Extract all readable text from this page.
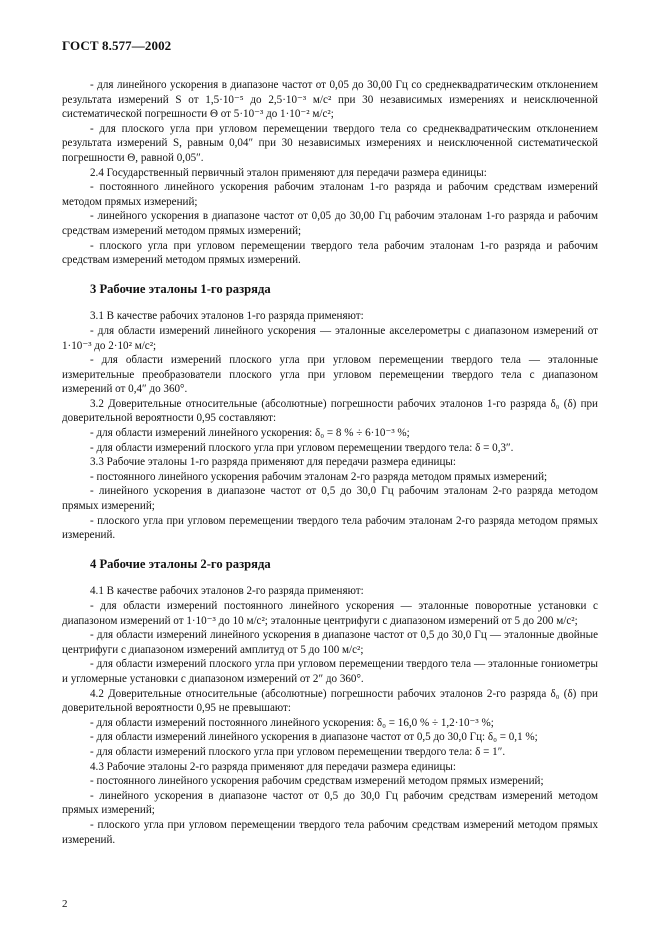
ГОСТ 8.577—2002

- для линейного ускорения в диапазоне частот от 0,05 до 30,00 Гц со среднеквадратическим отклонением результата измерений S от 1,5·10⁻⁵ до 2,5·10⁻³ м/с² при 30 независимых измерениях и неисключенной систематической погрешности Θ от 5·10⁻³ до 1·10⁻² м/с²;

- для плоского угла при угловом перемещении твердого тела со среднеквадратическим отклонением результата измерений S, равным 0,04″ при 30 независимых измерениях и неисключенной систематической погрешности Θ, равной 0,05″.

2.4 Государственный первичный эталон применяют для передачи размера единицы:

- постоянного линейного ускорения рабочим эталонам 1-го разряда и рабочим средствам измерений методом прямых измерений;

- линейного ускорения в диапазоне частот от 0,05 до 30,00 Гц рабочим эталонам 1-го разряда и рабочим средствам измерений методом прямых измерений;

- плоского угла при угловом перемещении твердого тела рабочим эталонам 1-го разряда и рабочим средствам измерений методом прямых измерений.

3 Рабочие эталоны 1-го разряда

3.1 В качестве рабочих эталонов 1-го разряда применяют:

- для области измерений линейного ускорения — эталонные акселерометры с диапазоном измерений от 1·10⁻³ до 2·10² м/с²;

- для области измерений плоского угла при угловом перемещении твердого тела — эталонные измерительные преобразователи плоского угла при угловом перемещении твердого тела с диапазоном измерений от 0,4″ до 360°.

3.2 Доверительные относительные (абсолютные) погрешности рабочих эталонов 1-го разряда δ₀ (δ) при доверительной вероятности 0,95 составляют:

- для области измерений линейного ускорения: δ₀ = 8 % ÷ 6·10⁻³ %;

- для области измерений плоского угла при угловом перемещении твердого тела: δ = 0,3″.

3.3 Рабочие эталоны 1-го разряда применяют для передачи размера единицы:

- постоянного линейного ускорения рабочим эталонам 2-го разряда методом прямых измерений;

- линейного ускорения в диапазоне частот от 0,5 до 30,0 Гц рабочим эталонам 2-го разряда методом прямых измерений;

- плоского угла при угловом перемещении твердого тела рабочим эталонам 2-го разряда методом прямых измерений.

4 Рабочие эталоны 2-го разряда

4.1 В качестве рабочих эталонов 2-го разряда применяют:

- для области измерений постоянного линейного ускорения — эталонные поворотные установки с диапазоном измерений от 1·10⁻³ до 10 м/с²; эталонные центрифуги с диапазоном измерений от 5 до 200 м/с²;

- для области измерений линейного ускорения в диапазоне частот от 0,5 до 30,0 Гц — эталонные двойные центрифуги с диапазоном измерений амплитуд от 5 до 100 м/с²;

- для области измерений плоского угла при угловом перемещении твердого тела — эталонные гониометры и угломерные установки с диапазоном измерений от 2″ до 360°.

4.2 Доверительные относительные (абсолютные) погрешности рабочих эталонов 2-го разряда δ₀ (δ) при доверительной вероятности 0,95 не превышают:

- для области измерений постоянного линейного ускорения: δ₀ = 16,0 % ÷ 1,2·10⁻³ %;

- для области измерений линейного ускорения в диапазоне частот от 0,5 до 30,0 Гц: δ₀ = 0,1 %;

- для области измерений плоского угла при угловом перемещении твердого тела: δ = 1″.

4.3 Рабочие эталоны 2-го разряда применяют для передачи размера единицы:

- постоянного линейного ускорения рабочим средствам измерений методом прямых измерений;

- линейного ускорения в диапазоне частот от 0,5 до 30,0 Гц рабочим средствам измерений методом прямых измерений;

- плоского угла при угловом перемещении твердого тела рабочим средствам измерений методом прямых измерений.

2
